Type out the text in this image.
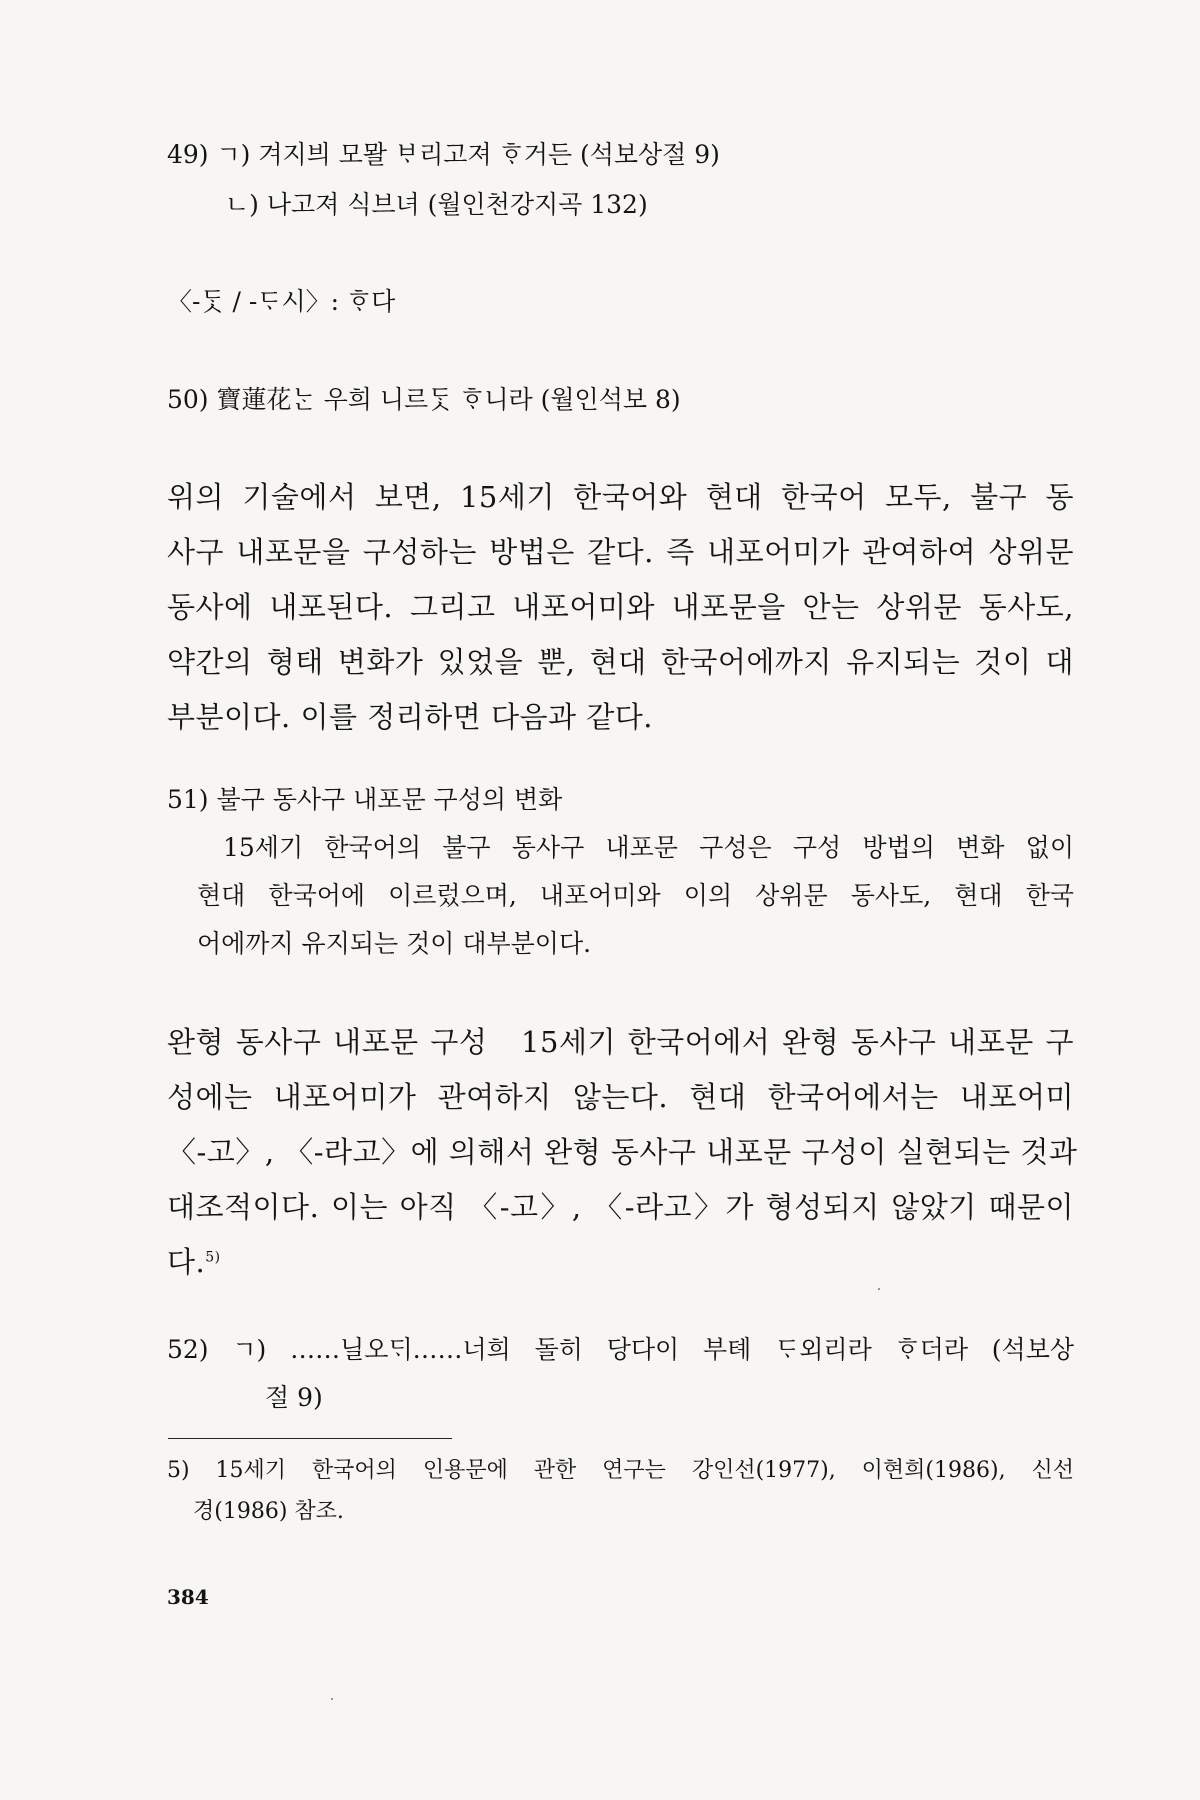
49) ㄱ) 겨지븨 모뫌 ᄇᆞ리고져 ᄒᆞ거든 (석보상절 9)
ㄴ) 나고져 식브녀 (월인천강지곡 132)
〈-ᄃᆞᆺ / -ᄃᆞ시〉: ᄒᆞ다
50) 寶蓮花ᄂᆞᆫ 우희 니르ᄃᆞᆺ ᄒᆞ니라 (월인석보 8)
위의 기술에서 보면, 15세기 한국어와 현대 한국어 모두, 불구 동
사구 내포문을 구성하는 방법은 같다. 즉 내포어미가 관여하여 상위문
동사에 내포된다. 그리고 내포어미와 내포문을 안는 상위문 동사도,
약간의 형태 변화가 있었을 뿐, 현대 한국어에까지 유지되는 것이 대
부분이다. 이를 정리하면 다음과 같다.
51) 불구 동사구 내포문 구성의 변화
15세기 한국어의 불구 동사구 내포문 구성은 구성 방법의 변화 없이
현대 한국어에 이르렀으며, 내포어미와 이의 상위문 동사도, 현대 한국
어에까지 유지되는 것이 대부분이다.
완형 동사구 내포문 구성　15세기 한국어에서 완형 동사구 내포문 구
성에는 내포어미가 관여하지 않는다. 현대 한국어에서는 내포어미
〈-고〉, 〈-라고〉에 의해서 완형 동사구 내포문 구성이 실현되는 것과
대조적이다. 이는 아직 〈-고〉, 〈-라고〉가 형성되지 않았기 때문이
다.$^{5)}$
52) ㄱ) ……닐오ᄃᆡ……너희 돌히 당다이 부톄 ᄃᆞ외리라 ᄒᆞ더라 (석보상
절 9)
5) 15세기 한국어의 인용문에 관한 연구는 강인선(1977), 이현희(1986), 신선
경(1986) 참조.
384
